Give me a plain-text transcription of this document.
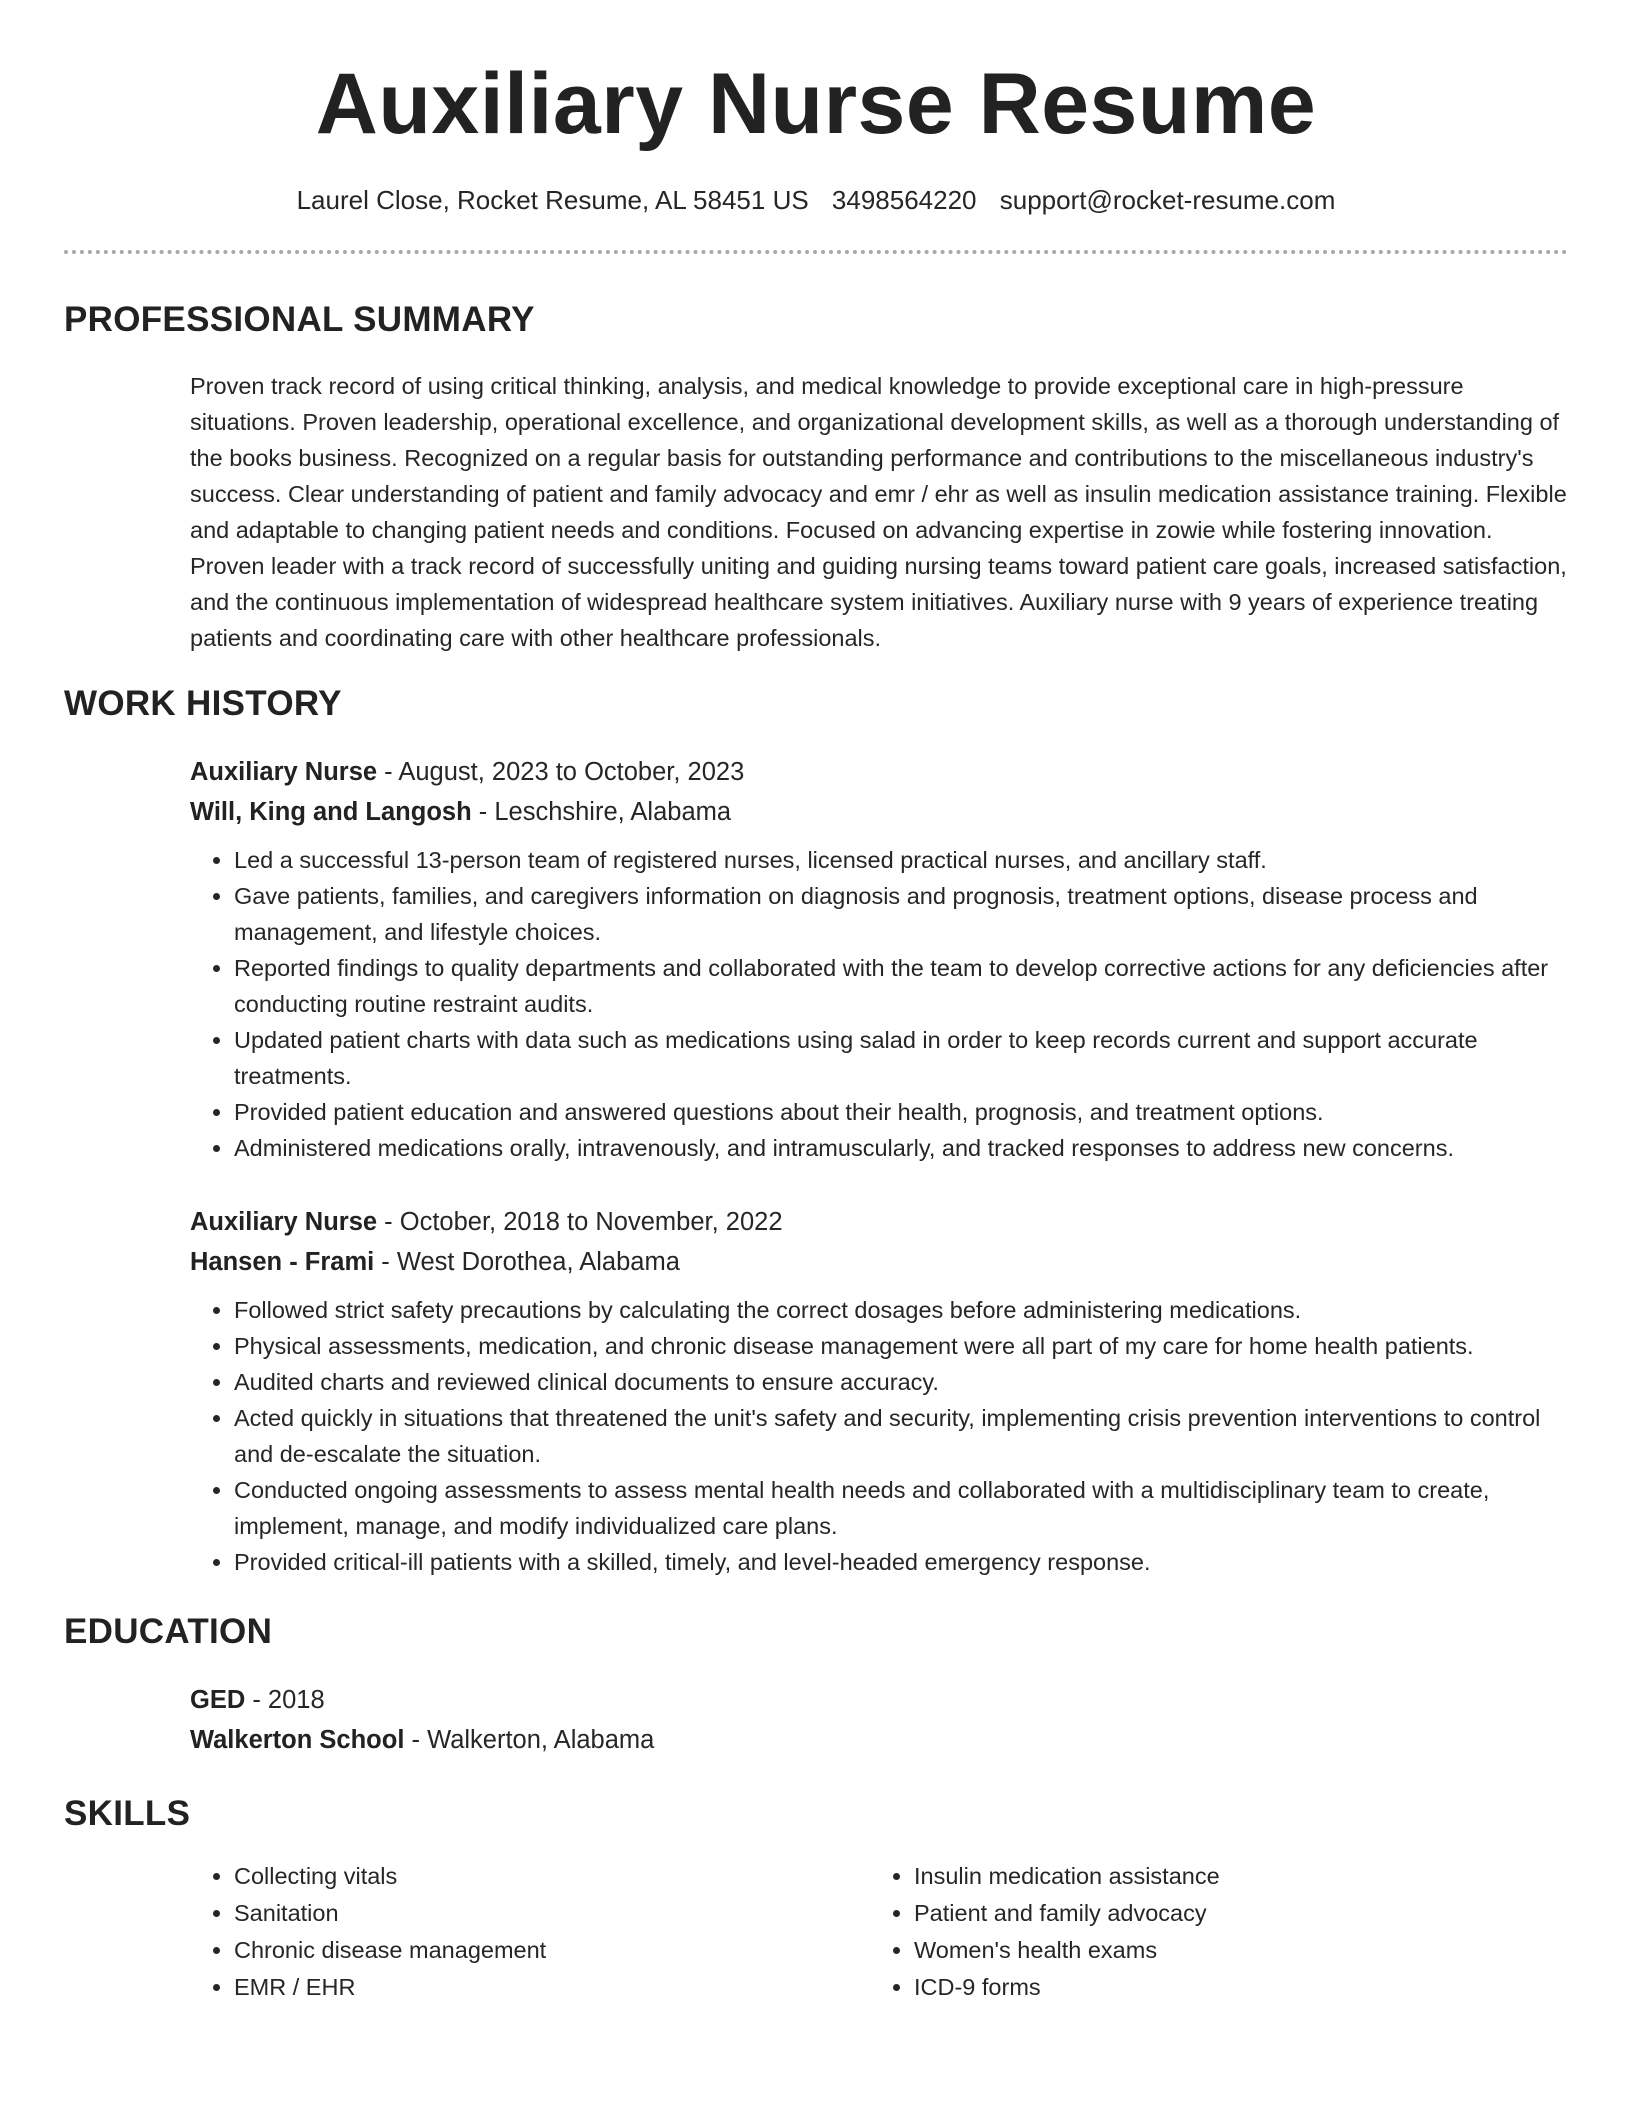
Auxiliary Nurse Resume
Laurel Close, Rocket Resume, AL 58451 US 3498564220 support@rocket-resume.com
PROFESSIONAL SUMMARY

Proven track record of using critical thinking, analysis, and medical knowledge to provide exceptional care in high-pressure situations. Proven leadership, operational excellence, and organizational development skills, as well as a thorough understanding of the books business. Recognized on a regular basis for outstanding performance and contributions to the miscellaneous industry's success. Clear understanding of patient and family advocacy and emr / ehr as well as insulin medication assistance training. Flexible and adaptable to changing patient needs and conditions. Focused on advancing expertise in zowie while fostering innovation. Proven leader with a track record of successfully uniting and guiding nursing teams toward patient care goals, increased satisfaction, and the continuous implementation of widespread healthcare system initiatives. Auxiliary nurse with 9 years of experience treating patients and coordinating care with other healthcare professionals.

WORK HISTORY
Auxiliary Nurse - August, 2023 to October, 2023
Will, King and Langosh - Leschshire, Alabama
• Led a successful 13-person team of registered nurses, licensed practical nurses, and ancillary staff.
• Gave patients, families, and caregivers information on diagnosis and prognosis, treatment options, disease process and management, and lifestyle choices.
• Reported findings to quality departments and collaborated with the team to develop corrective actions for any deficiencies after conducting routine restraint audits.
• Updated patient charts with data such as medications using salad in order to keep records current and support accurate treatments.
• Provided patient education and answered questions about their health, prognosis, and treatment options.
• Administered medications orally, intravenously, and intramuscularly, and tracked responses to address new concerns.
Auxiliary Nurse - October, 2018 to November, 2022
Hansen - Frami - West Dorothea, Alabama
• Followed strict safety precautions by calculating the correct dosages before administering medications.
• Physical assessments, medication, and chronic disease management were all part of my care for home health patients.
• Audited charts and reviewed clinical documents to ensure accuracy.
• Acted quickly in situations that threatened the unit's safety and security, implementing crisis prevention interventions to control and de-escalate the situation.
• Conducted ongoing assessments to assess mental health needs and collaborated with a multidisciplinary team to create, implement, manage, and modify individualized care plans.
• Provided critical-ill patients with a skilled, timely, and level-headed emergency response.
EDUCATION
GED - 2018
Walkerton School - Walkerton, Alabama
SKILLS
• Collecting vitals
• Sanitation
• Chronic disease management
• EMR / EHR
• Insulin medication assistance
• Patient and family advocacy
• Women's health exams
• ICD-9 forms
